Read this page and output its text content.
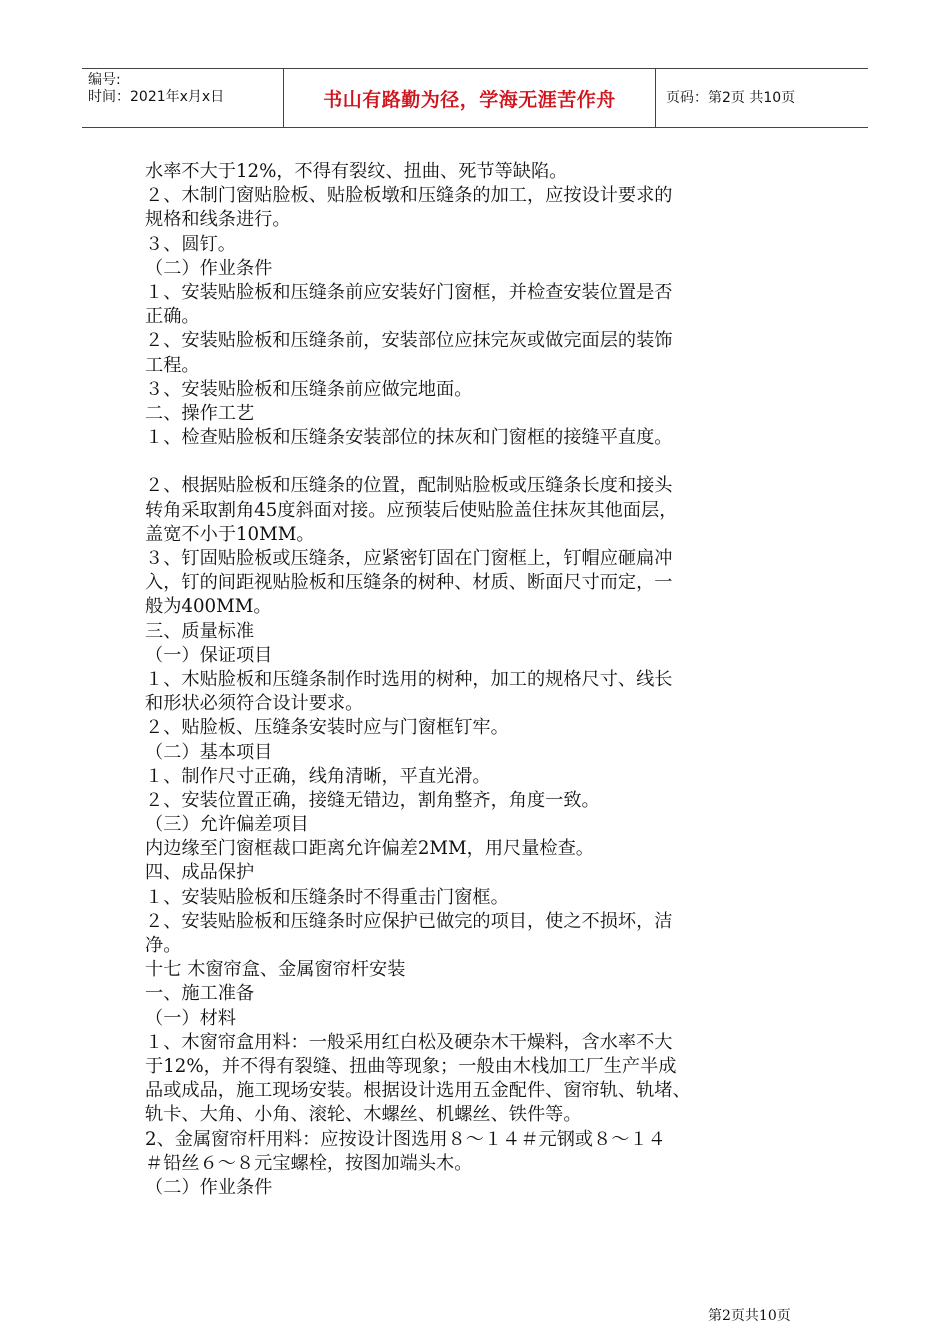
编号:
时间：2021年x月x日	书山有路勤为径，学海无涯苦作舟	页码：第2页 共10页
水率不大于12%，不得有裂纹、扭曲、死节等缺陷。
２、木制门窗贴脸板、贴脸板墩和压缝条的加工，应按设计要求的
规格和线条进行。
３、圆钉。
（二）作业条件
１、安装贴脸板和压缝条前应安装好门窗框，并检查安装位置是否
正确。
２、安装贴脸板和压缝条前，安装部位应抹完灰或做完面层的装饰
工程。
３、安装贴脸板和压缝条前应做完地面。
二、操作工艺
１、检查贴脸板和压缝条安装部位的抹灰和门窗框的接缝平直度。
２、根据贴脸板和压缝条的位置，配制贴脸板或压缝条长度和接头
转角采取割角45度斜面对接。应预装后使贴脸盖住抹灰其他面层，
盖宽不小于10MM。
３、钉固贴脸板或压缝条，应紧密钉固在门窗框上，钉帽应砸扁冲
入，钉的间距视贴脸板和压缝条的树种、材质、断面尺寸而定，一
般为400MM。
三、质量标准
（一）保证项目
１、木贴脸板和压缝条制作时选用的树种，加工的规格尺寸、线长
和形状必须符合设计要求。
２、贴脸板、压缝条安装时应与门窗框钉牢。
（二）基本项目
１、制作尺寸正确，线角清晰，平直光滑。
２、安装位置正确，接缝无错边，割角整齐，角度一致。
（三）允许偏差项目
内边缘至门窗框裁口距离允许偏差2MM，用尺量检查。
四、成品保护
１、安装贴脸板和压缝条时不得重击门窗框。
２、安装贴脸板和压缝条时应保护已做完的项目，使之不损坏，洁
净。
十七 木窗帘盒、金属窗帘杆安装
一、施工准备
（一）材料
１、木窗帘盒用料：一般采用红白松及硬杂木干燥料，含水率不大
于12%，并不得有裂缝、扭曲等现象；一般由木栈加工厂生产半成
品或成品，施工现场安装。根据设计选用五金配件、窗帘轨、轨堵、
轨卡、大角、小角、滚轮、木螺丝、机螺丝、铁件等。
2、金属窗帘杆用料：应按设计图选用８～１４＃元钢或８～１４
＃铅丝６～８元宝螺栓，按图加端头木。
（二）作业条件
第2页共10页
